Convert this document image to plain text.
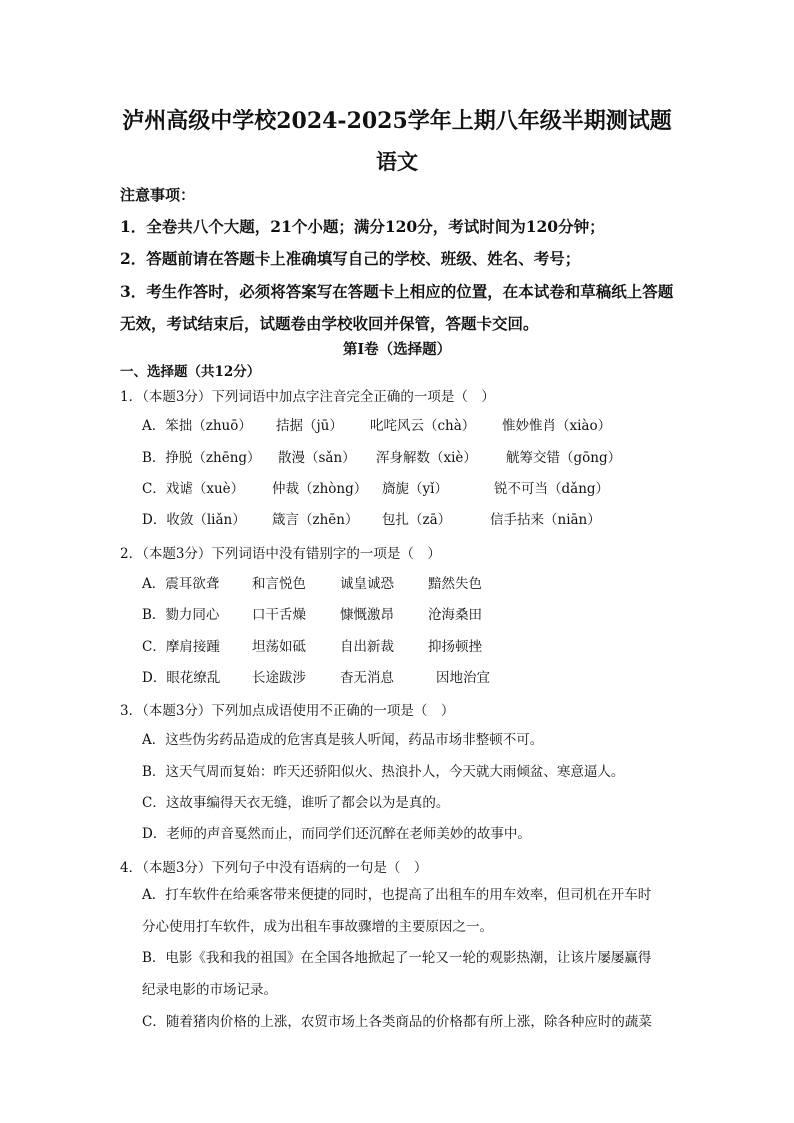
泸州高级中学校2024-2025学年上期八年级半期测试题
语文
注意事项：
1．全卷共八个大题，21个小题；满分120分，考试时间为120分钟；
2．答题前请在答题卡上准确填写自己的学校、班级、姓名、考号；
3．考生作答时，必须将答案写在答题卡上相应的位置，在本试卷和草稿纸上答题无效，考试结束后，试题卷由学校收回并保管，答题卡交回。
第Ⅰ卷（选择题）
一、选择题（共12分）
1．（本题3分）下列词语中加点字注音完全正确的一项是（　）
A．笨拙（zhuō） 拮据（jū） 叱咤风云（chà） 惟妙惟肖（xiào）
B．挣脱（zhēng） 散漫（sǎn） 浑身解数（xiè） 觥筹交错（gōng）
C．戏谑（xuè） 仲裁（zhòng） 旖旎（yǐ）	锐不可当（dǎng）
D．收敛（liǎn） 箴言（zhēn） 包扎（zā）	信手拈来（niān）
2．（本题3分）下列词语中没有错别字的一项是（　）
A．震耳欲聋 和言悦色	诚皇诚恐	黯然失色
B．勠力同心 口干舌燥	慷慨激昂	沧海桑田
C．摩肩接踵 坦荡如砥	自出新裁	抑扬顿挫
D．眼花缭乱 长途跋涉	杳无消息	因地治宜
3．（本题3分）下列加点成语使用不正确的一项是（　）
A．这些伪劣药品造成的危害真是骇人听闻，药品市场非整顿不可。
B．这天气周而复始：昨天还骄阳似火、热浪扑人，今天就大雨倾盆、寒意逼人。
C．这故事编得天衣无缝，谁听了都会以为是真的。
D．老师的声音戛然而止，而同学们还沉醉在老师美妙的故事中。
4．（本题3分）下列句子中没有语病的一句是（　）
A．打车软件在给乘客带来便捷的同时，也提高了出租车的用车效率，但司机在开车时
分心使用打车软件，成为出租车事故骤增的主要原因之一。
B．电影《我和我的祖国》在全国各地掀起了一轮又一轮的观影热潮，让该片屡屡赢得
纪录电影的市场记录。
C．随着猪肉价格的上涨，农贸市场上各类商品的价格都有所上涨，除各种应时的蔬菜
